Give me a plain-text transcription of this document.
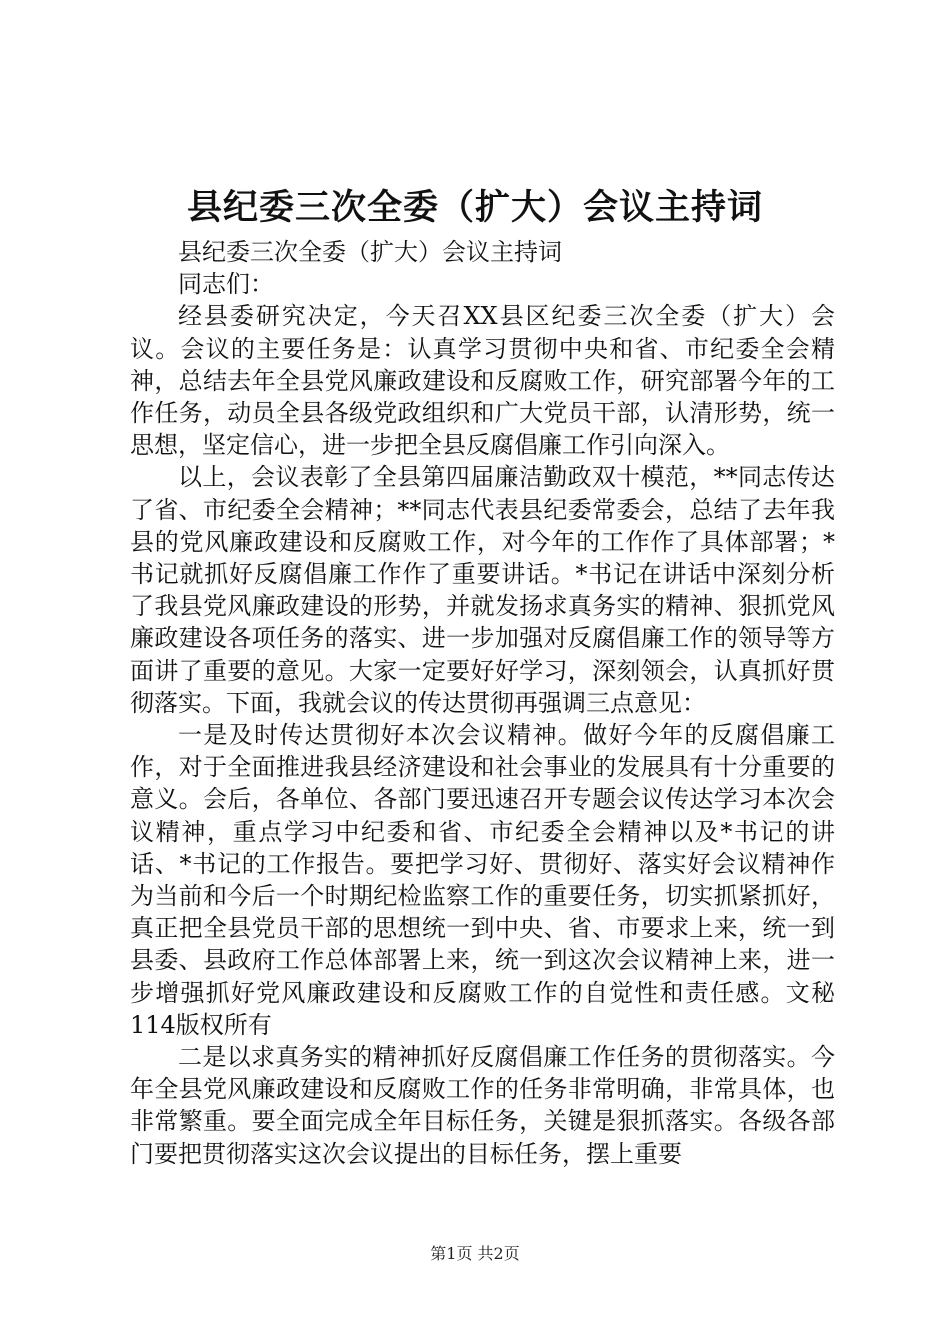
县纪委三次全委（扩大）会议主持词

县纪委三次全委（扩大）会议主持词

同志们：

经县委研究决定，今天召XX县区纪委三次全委（扩大）会议。会议的主要任务是：认真学习贯彻中央和省、市纪委全会精神，总结去年全县党风廉政建设和反腐败工作，研究部署今年的工作任务，动员全县各级党政组织和广大党员干部，认清形势，统一思想，坚定信心，进一步把全县反腐倡廉工作引向深入。

以上，会议表彰了全县第四届廉洁勤政双十模范，**同志传达了省、市纪委全会精神；**同志代表县纪委常委会，总结了去年我县的党风廉政建设和反腐败工作，对今年的工作作了具体部署；*书记就抓好反腐倡廉工作作了重要讲话。*书记在讲话中深刻分析了我县党风廉政建设的形势，并就发扬求真务实的精神、狠抓党风廉政建设各项任务的落实、进一步加强对反腐倡廉工作的领导等方面讲了重要的意见。大家一定要好好学习，深刻领会，认真抓好贯彻落实。下面，我就会议的传达贯彻再强调三点意见：

一是及时传达贯彻好本次会议精神。做好今年的反腐倡廉工作，对于全面推进我县经济建设和社会事业的发展具有十分重要的意义。会后，各单位、各部门要迅速召开专题会议传达学习本次会议精神，重点学习中纪委和省、市纪委全会精神以及*书记的讲话、*书记的工作报告。要把学习好、贯彻好、落实好会议精神作为当前和今后一个时期纪检监察工作的重要任务，切实抓紧抓好，真正把全县党员干部的思想统一到中央、省、市要求上来，统一到县委、县政府工作总体部署上来，统一到这次会议精神上来，进一步增强抓好党风廉政建设和反腐败工作的自觉性和责任感。文秘114版权所有

二是以求真务实的精神抓好反腐倡廉工作任务的贯彻落实。今年全县党风廉政建设和反腐败工作的任务非常明确，非常具体，也非常繁重。要全面完成全年目标任务，关键是狠抓落实。各级各部门要把贯彻落实这次会议提出的目标任务，摆上重要

第1页 共2页
